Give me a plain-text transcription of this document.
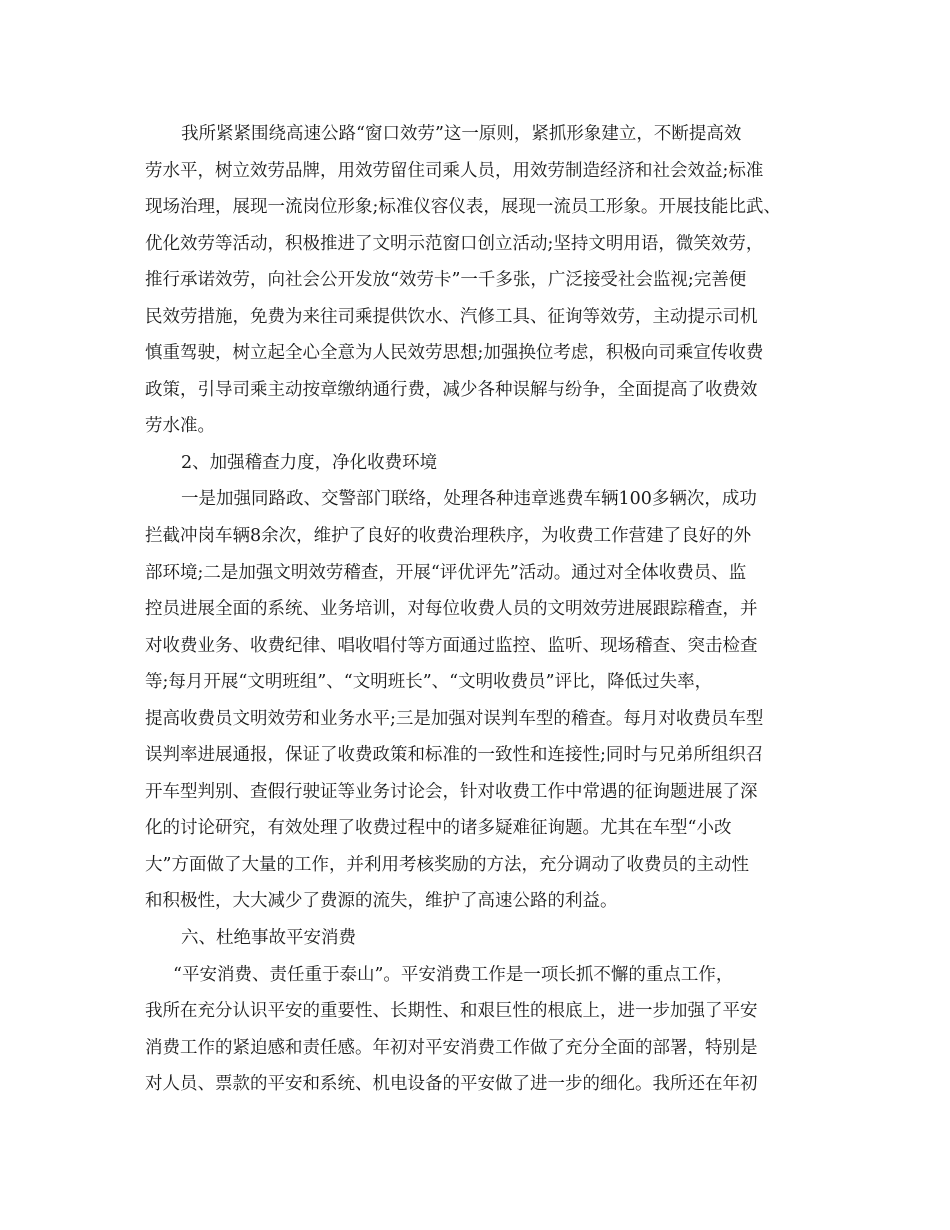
我所紧紧围绕高速公路“窗口效劳”这一原则，紧抓形象建立，不断提高效
劳水平，树立效劳品牌，用效劳留住司乘人员，用效劳制造经济和社会效益;标准
现场治理，展现一流岗位形象;标准仪容仪表，展现一流员工形象。开展技能比武、
优化效劳等活动，积极推进了文明示范窗口创立活动;坚持文明用语，微笑效劳，
推行承诺效劳，向社会公开发放“效劳卡”一千多张，广泛接受社会监视;完善便
民效劳措施，免费为来往司乘提供饮水、汽修工具、征询等效劳，主动提示司机
慎重驾驶，树立起全心全意为人民效劳思想;加强换位考虑，积极向司乘宣传收费
政策，引导司乘主动按章缴纳通行费，减少各种误解与纷争，全面提高了收费效
劳水准。
2、加强稽查力度，净化收费环境
一是加强同路政、交警部门联络，处理各种违章逃费车辆100多辆次，成功
拦截冲岗车辆8余次，维护了良好的收费治理秩序，为收费工作营建了良好的外
部环境;二是加强文明效劳稽查，开展“评优评先”活动。通过对全体收费员、监
控员进展全面的系统、业务培训，对每位收费人员的文明效劳进展跟踪稽查，并
对收费业务、收费纪律、唱收唱付等方面通过监控、监听、现场稽查、突击检查
等;每月开展“文明班组”、“文明班长”、“文明收费员”评比，降低过失率，
提高收费员文明效劳和业务水平;三是加强对误判车型的稽查。每月对收费员车型
误判率进展通报，保证了收费政策和标准的一致性和连接性;同时与兄弟所组织召
开车型判别、查假行驶证等业务讨论会，针对收费工作中常遇的征询题进展了深
化的讨论研究，有效处理了收费过程中的诸多疑难征询题。尤其在车型“小改
大”方面做了大量的工作，并利用考核奖励的方法，充分调动了收费员的主动性
和积极性，大大减少了费源的流失，维护了高速公路的利益。
六、杜绝事故平安消费
“平安消费、责任重于泰山”。平安消费工作是一项长抓不懈的重点工作，
我所在充分认识平安的重要性、长期性、和艰巨性的根底上，进一步加强了平安
消费工作的紧迫感和责任感。年初对平安消费工作做了充分全面的部署，特别是
对人员、票款的平安和系统、机电设备的平安做了进一步的细化。我所还在年初
